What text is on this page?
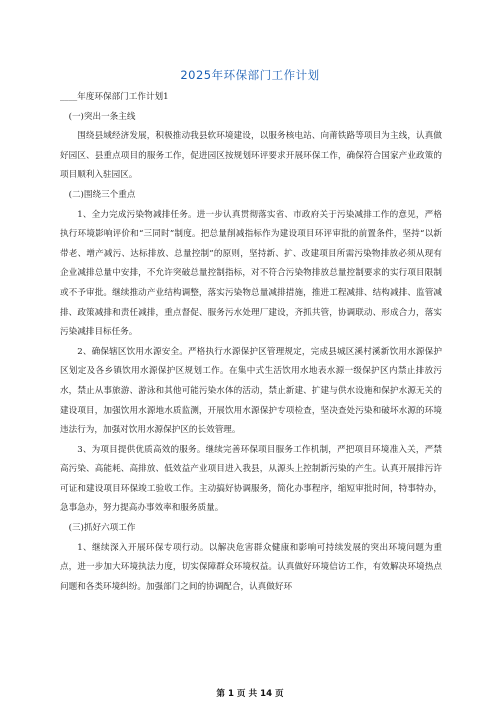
2025年环保部门工作计划

____年度环保部门工作计划1

(一)突出一条主线

围绕县域经济发展，积极推动我县软环境建设，以服务核电站、向莆铁路等项目为主线，认真做好园区、县重点项目的服务工作，促进园区按规划环评要求开展环保工作，确保符合国家产业政策的项目顺利入驻园区。

(二)围绕三个重点

1、全力完成污染物减排任务。进一步认真贯彻落实省、市政府关于污染减排工作的意见，严格执行环境影响评价和“三同时”制度。把总量削减指标作为建设项目环评审批的前置条件，坚持“以新带老、增产减污、达标排放、总量控制”的原则，坚持新、扩、改建项目所需污染物排放必须从现有企业减排总量中安排，不允许突破总量控制指标，对不符合污染物排放总量控制要求的实行项目限制或不予审批。继续推动产业结构调整，落实污染物总量减排措施，推进工程减排、结构减排、监管减排、政策减排和责任减排，重点督促、服务污水处理厂建设，齐抓共管，协调联动、形成合力，落实污染减排目标任务。

2、确保辖区饮用水源安全。严格执行水源保护区管理规定，完成县城区溪村溪新饮用水源保护区划定及各乡镇饮用水源保护区规划工作。在集中式生活饮用水地表水源一级保护区内禁止排放污水，禁止从事旅游、游泳和其他可能污染水体的活动，禁止新建、扩建与供水设施和保护水源无关的建设项目，加强饮用水源地水质监测，开展饮用水源保护专项检查，坚决查处污染和破坏水源的环境违法行为，加强对饮用水源保护区的长效管理。

3、为项目提供优质高效的服务。继续完善环保项目服务工作机制，严把项目环境准入关，严禁高污染、高能耗、高排放、低效益产业项目进入我县，从源头上控制新污染的产生。认真开展排污许可证和建设项目环保竣工验收工作。主动搞好协调服务，简化办事程序，缩短审批时间，特事特办，急事急办，努力提高办事效率和服务质量。

(三)抓好六项工作

1、继续深入开展环保专项行动。以解决危害群众健康和影响可持续发展的突出环境问题为重点，进一步加大环境执法力度，切实保障群众环境权益。认真做好环境信访工作，有效解决环境热点问题和各类环境纠纷。加强部门之间的协调配合，认真做好环

第 1 页 共 14 页
